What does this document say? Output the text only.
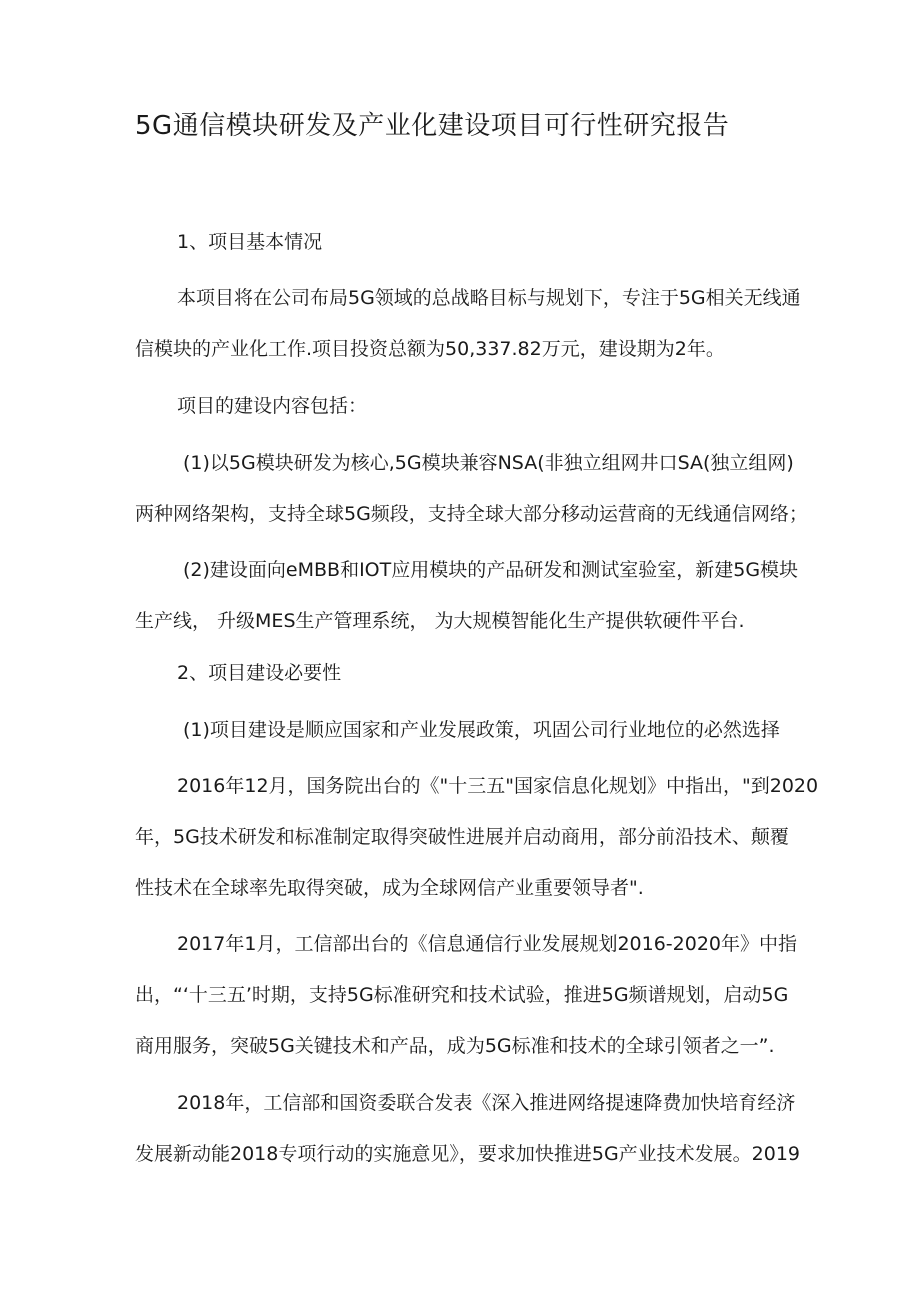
5G通信模块研发及产业化建设项目可行性研究报告

1、项目基本情况

本项目将在公司布局5G领域的总战略目标与规划下，专注于5G相关无线通

信模块的产业化工作.项目投资总额为50,337.82万元，建设期为2年。

项目的建设内容包括：

(1)以5G模块研发为核心,5G模块兼容NSA(非独立组网井口SA(独立组网)

两种网络架构，支持全球5G频段，支持全球大部分移动运营商的无线通信网络；

(2)建设面向eMBB和IOT应用模块的产品研发和测试室验室，新建5G模块

生产线， 升级MES生产管理系统， 为大规模智能化生产提供软硬件平台.

2、项目建设必要性

(1)项目建设是顺应国家和产业发展政策，巩固公司行业地位的必然选择

2016年12月，国务院出台的《"十三五"国家信息化规划》中指出，"到2020

年，5G技术研发和标准制定取得突破性进展并启动商用，部分前沿技术、颠覆

性技术在全球率先取得突破，成为全球网信产业重要领导者".

2017年1月，工信部出台的《信息通信行业发展规划2016-2020年》中指

出，“‘十三五’时期，支持5G标准研究和技术试验，推进5G频谱规划，启动5G

商用服务，突破5G关键技术和产品，成为5G标准和技术的全球引领者之一”.

2018年，工信部和国资委联合发表《深入推进网络提速降费加快培育经济

发展新动能2018专项行动的实施意见》，要求加快推进5G产业技术发展。2019
